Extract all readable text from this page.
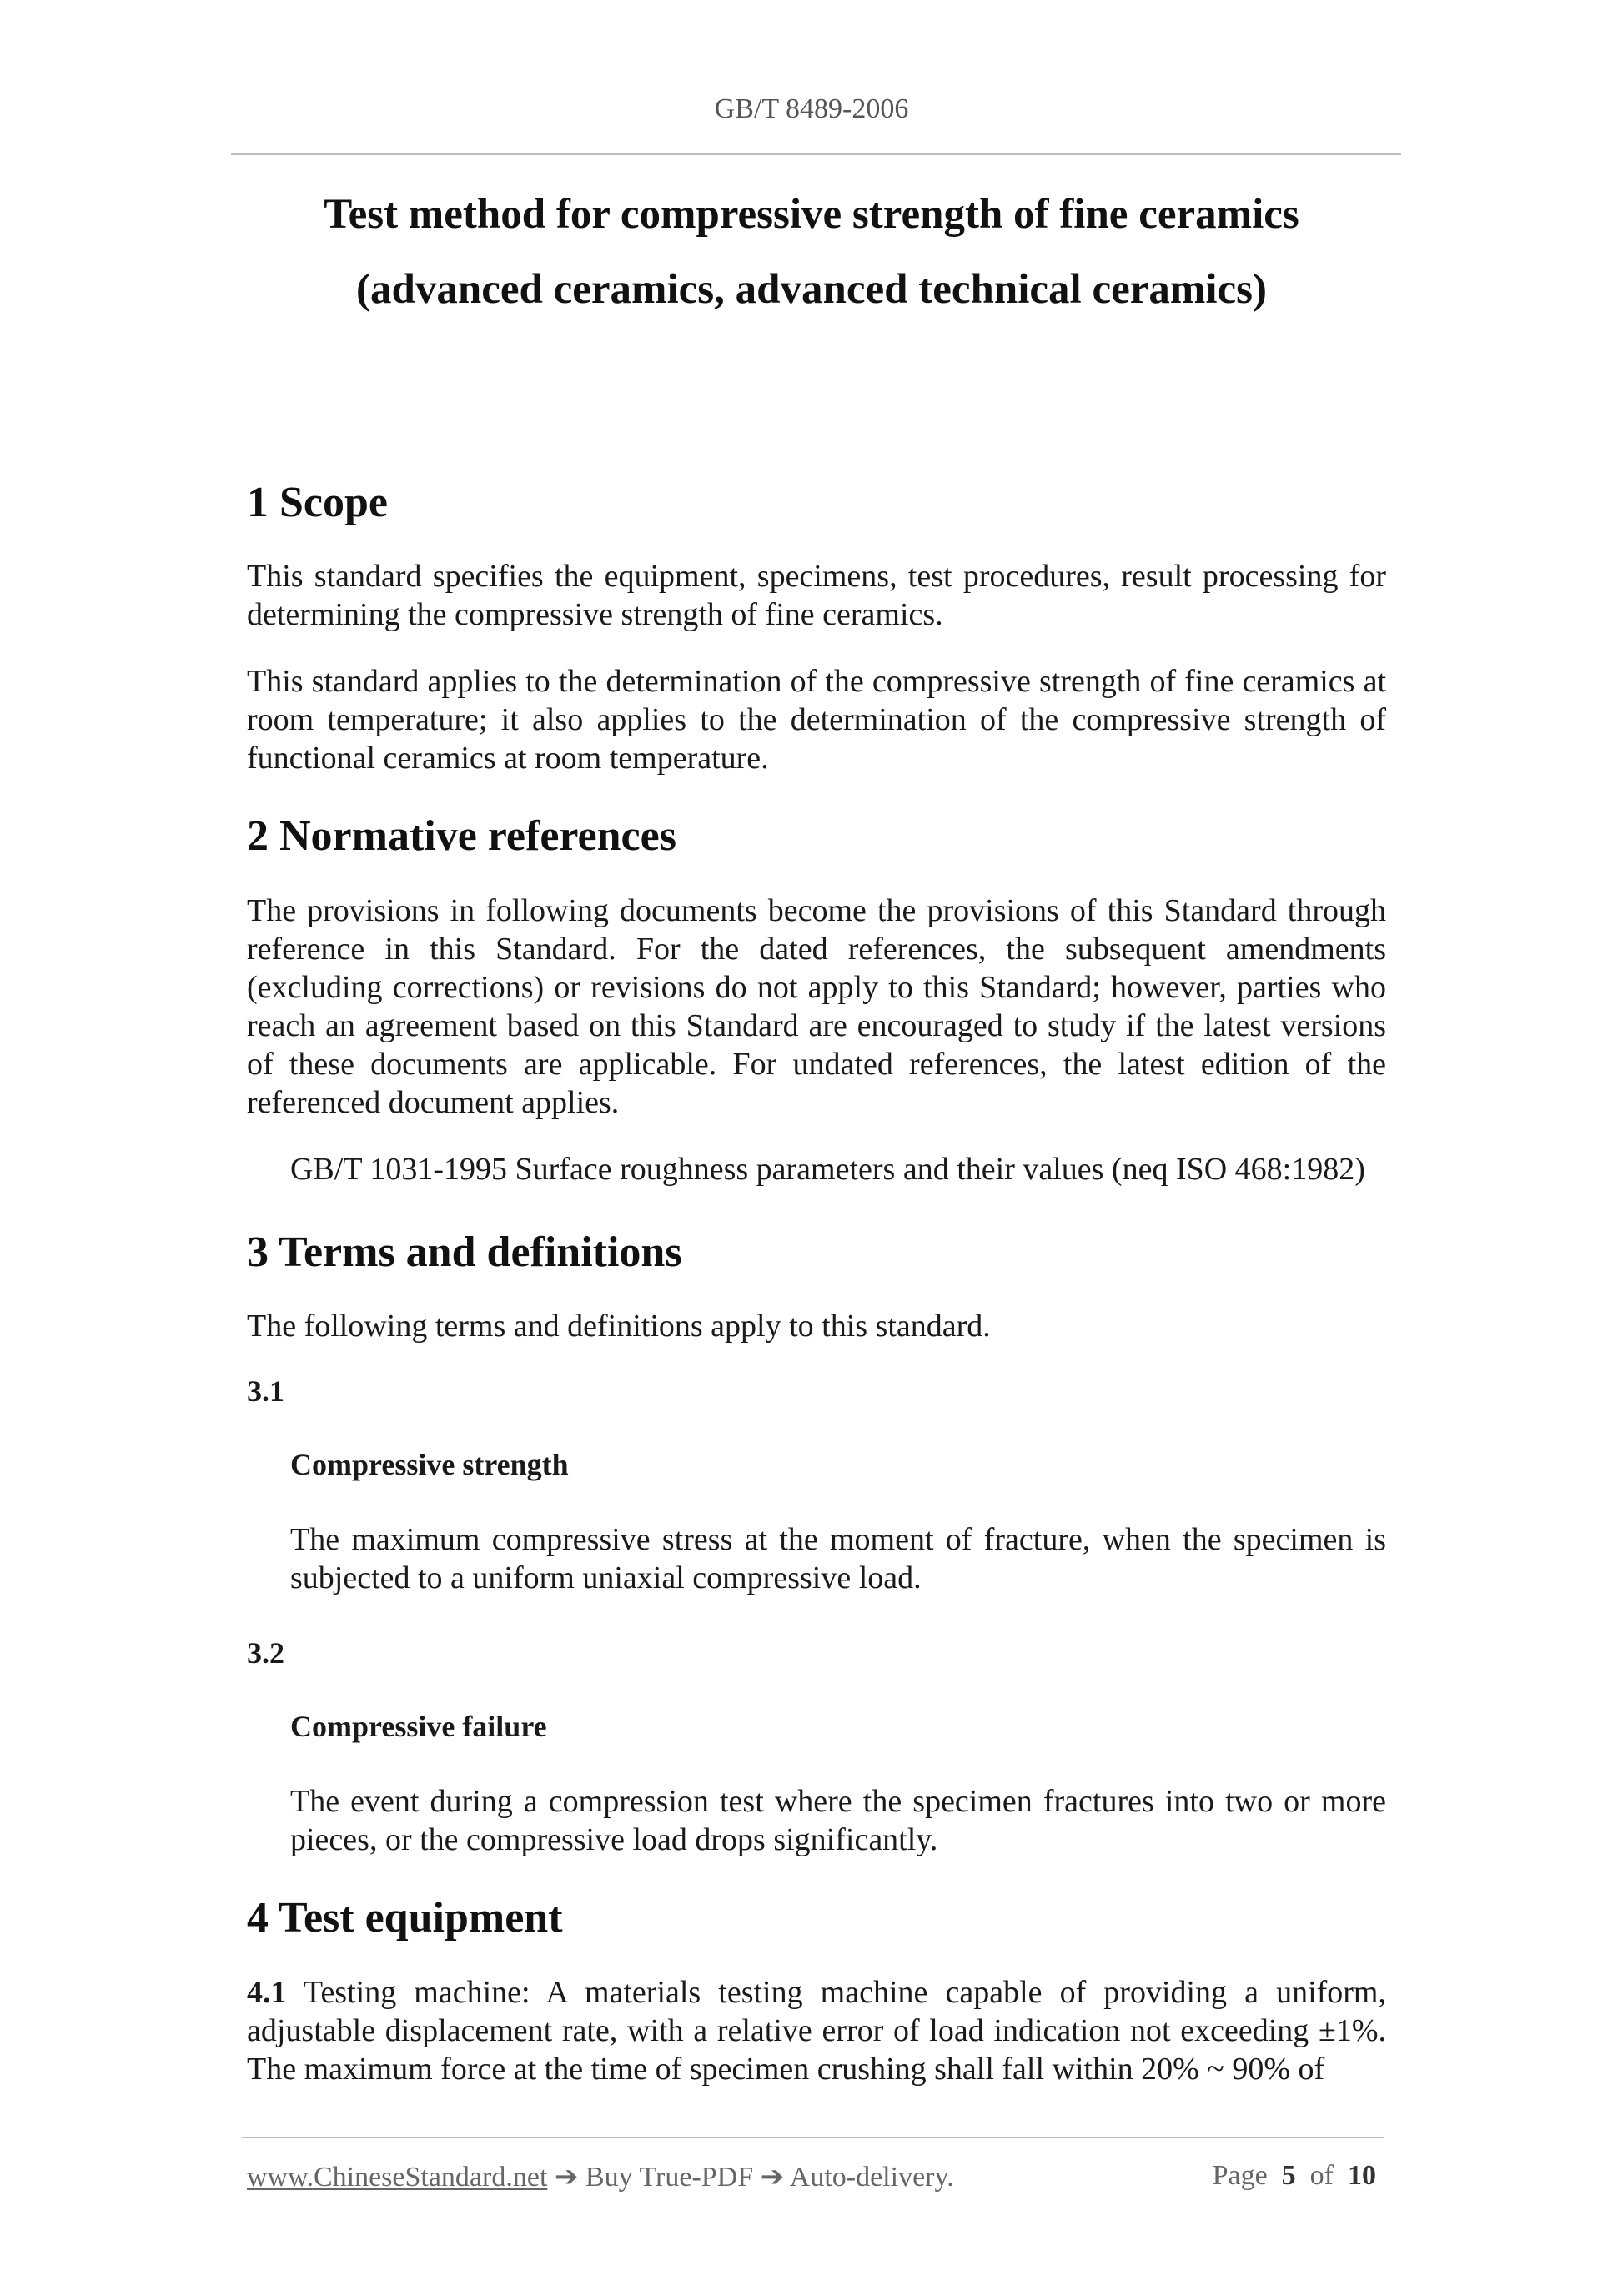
GB/T 8489-2006
Test method for compressive strength of fine ceramics
(advanced ceramics, advanced technical ceramics)
1 Scope

This standard specifies the equipment, specimens, test procedures, result processing for determining the compressive strength of fine ceramics.

This standard applies to the determination of the compressive strength of fine ceramics at room temperature; it also applies to the determination of the compressive strength of functional ceramics at room temperature.

2 Normative references

The provisions in following documents become the provisions of this Standard through reference in this Standard. For the dated references, the subsequent amendments (excluding corrections) or revisions do not apply to this Standard; however, parties who reach an agreement based on this Standard are encouraged to study if the latest versions of these documents are applicable. For undated references, the latest edition of the referenced document applies.

GB/T 1031-1995 Surface roughness parameters and their values (neq ISO 468:1982)

3 Terms and definitions

The following terms and definitions apply to this standard.

3.1
Compressive strength

The maximum compressive stress at the moment of fracture, when the specimen is subjected to a uniform uniaxial compressive load.

3.2
Compressive failure

The event during a compression test where the specimen fractures into two or more pieces, or the compressive load drops significantly.

4 Test equipment

4.1 Testing machine: A materials testing machine capable of providing a uniform, adjustable displacement rate, with a relative error of load indication not exceeding ±1%. The maximum force at the time of specimen crushing shall fall within 20% ~ 90% of

www.ChineseStandard.net ➔ Buy True-PDF ➔ Auto-delivery.	Page 5 of 10
